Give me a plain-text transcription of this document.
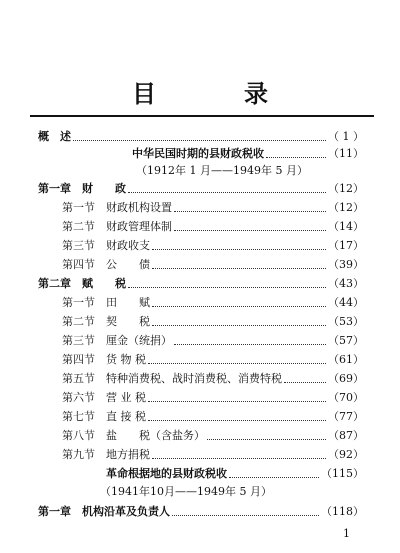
目　录
概　述	（ 1 ）
中华民国时期的县财政税收	（11）
（1912年 1 月——1949年 5 月）
第一章　财　　政	（12）
第一节　财政机构设置	（12）
第二节　财政管理体制	（14）
第三节　财政收支	（17）
第四节　公　　债	（39）
第二章　赋　　税	（43）
第一节　田　　赋	（44）
第二节　契　　税	（53）
第三节　厘金（统捐）	（57）
第四节　货 物 税	（61）
第五节　特种消费税、战时消费税、消费特税	（69）
第六节　营 业 税	（70）
第七节　直 接 税	（77）
第八节　盐　　税（含盐务）	（87）
第九节　地方捐税	（92）
革命根据地的县财政税收	（115）
（1941年10月——1949年 5 月）
第一章　机构沿革及负责人	（118）
1
